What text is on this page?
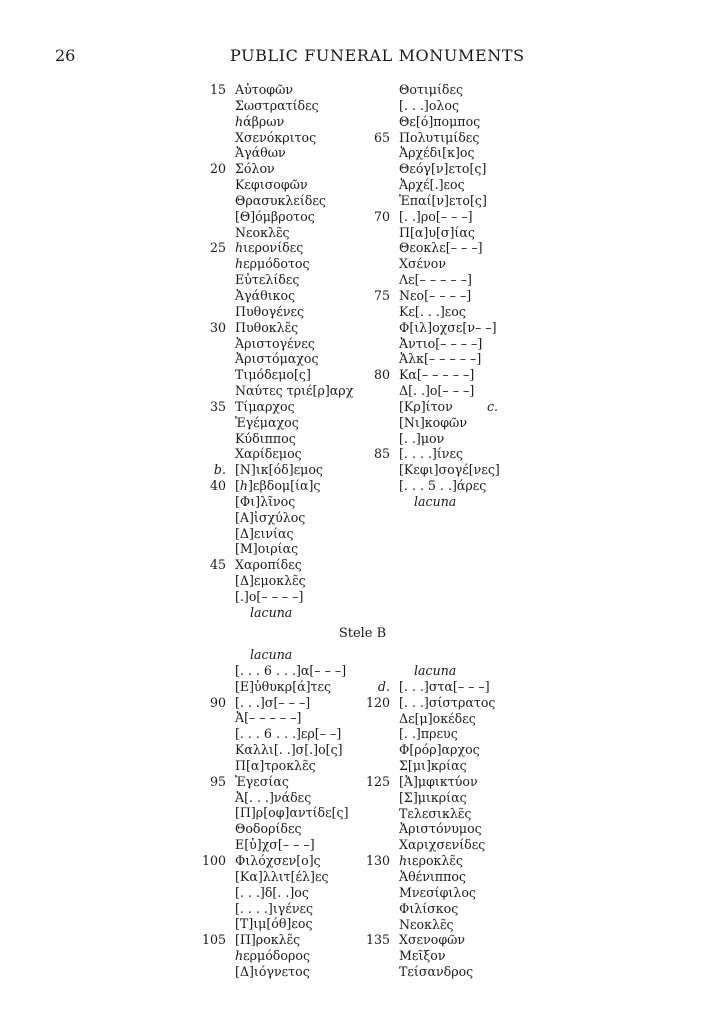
26	PUBLIC FUNERAL MONUMENTS
15 Αὐτοφῶν
Σωστρατίδες
ℎάβρων
Χσενόκριτος
Ἀγάθων
20 Σόλον
Κεφισοφῶν
Θρασυκλείδες
[Θ]όμβροτος
Νεοκλε̃ς
25 ℎιερονίδες
ℎερμόδοτος
Εὐτελίδες
Ἀγάθικος
Πυθογένες
30 Πυθοκλε̃ς
Ἀριστογένες
Ἀριστόμαχος
Τιμόδεμο[ς]
Ναύτες τριέ[ρ]αρχ
35 Τίμαρχος
Ἐγέμαχος
Κύδιππος
Χαρίδεμος
b. [Ν]ικ[όδ]εμος
40 [ℎ]εβδομ[ία]ς
[Φι]λῖνος
[Α]ἰσχύλος
[Δ]εινίας
[Μ]οιρίας
45 Χαροπίδες
[Δ]εμοκλε̃ς
[.]ο[– – – –]
lacuna
Θοτιμίδες
[. . .]ολος
Θε[ό]πομπος
65 Πολυτιμίδες
Ἀρχέδι[κ]ος
Θεόγ[ν]ετο[ς]
Ἀρχέ[.]εος
Ἐπαί[ν]ετο[ς]
70 [. .]ρο[– – –]
Π[α]υ[σ]ίας
Θεοκλε[– – –]
Χσένον
Λε[– – – – –]
75 Νεο[– – – –]
Κε[. . .]εος
Φ[ιλ]οχσε[ν– –]
Ἀντιο[– – – –]
Ἀλκ[– – – – –]
80 Κα[– – – – –]
Δ[. .]ο[– – –]
[Κρ]ίτον	c.
[Νι]κοφῶν
[. .]μον
85 [. . . .]ίνες
[Κεφι]σογέ[νες]
[. . . 5 . .]άρες
lacuna
Stele B
lacuna
[. . . 6 . . .]α[– – –]
[Ε]ὐθυκρ[ά]τες
90 [. . .]σ[– – –]
Ἀ[– – – – –]
[. . . 6 . . .]ερ[– –]
Καλλι[. .]σ[.]ο[ς]
Π[α]τροκλε̃ς
95 Ἐγεσίας
Ἀ[. . .]νάδες
[Π]ρ[οφ]αντίδε[ς]
Θοδορίδες
Ε[ὐ]χσ[– – –]
100 Φιλόχσεν[ο]ς
[Κα]λλιτ[έλ]ες
[. . .]δ[. .]ος
[. . . .]ιγένες
[Τ]ιμ[όθ]εος
105 [Π]ροκλε̃ς
ℎερμόδορος
[Δ]ιόγνετος
lacuna
d. [. . .]στα[– – –]
120 [. . .]σίστρατος
Δε[μ]οκέδες
[. .]πρευς
Φ[ρόρ]αρχος
Σ[μι]κρίας
125 [Ἀ]μφικτύον
[Σ]μικρίας
Τελεσικλε̃ς
Ἀριστόνυμος
Χαριχσενίδες
130 ℎιεροκλε̃ς
Ἀθένιππος
Μνεσίφιλος
Φιλίσκος
Νεοκλε̃ς
135 Χσενοφῶν
Μεῖξον
Τείσανδρος
